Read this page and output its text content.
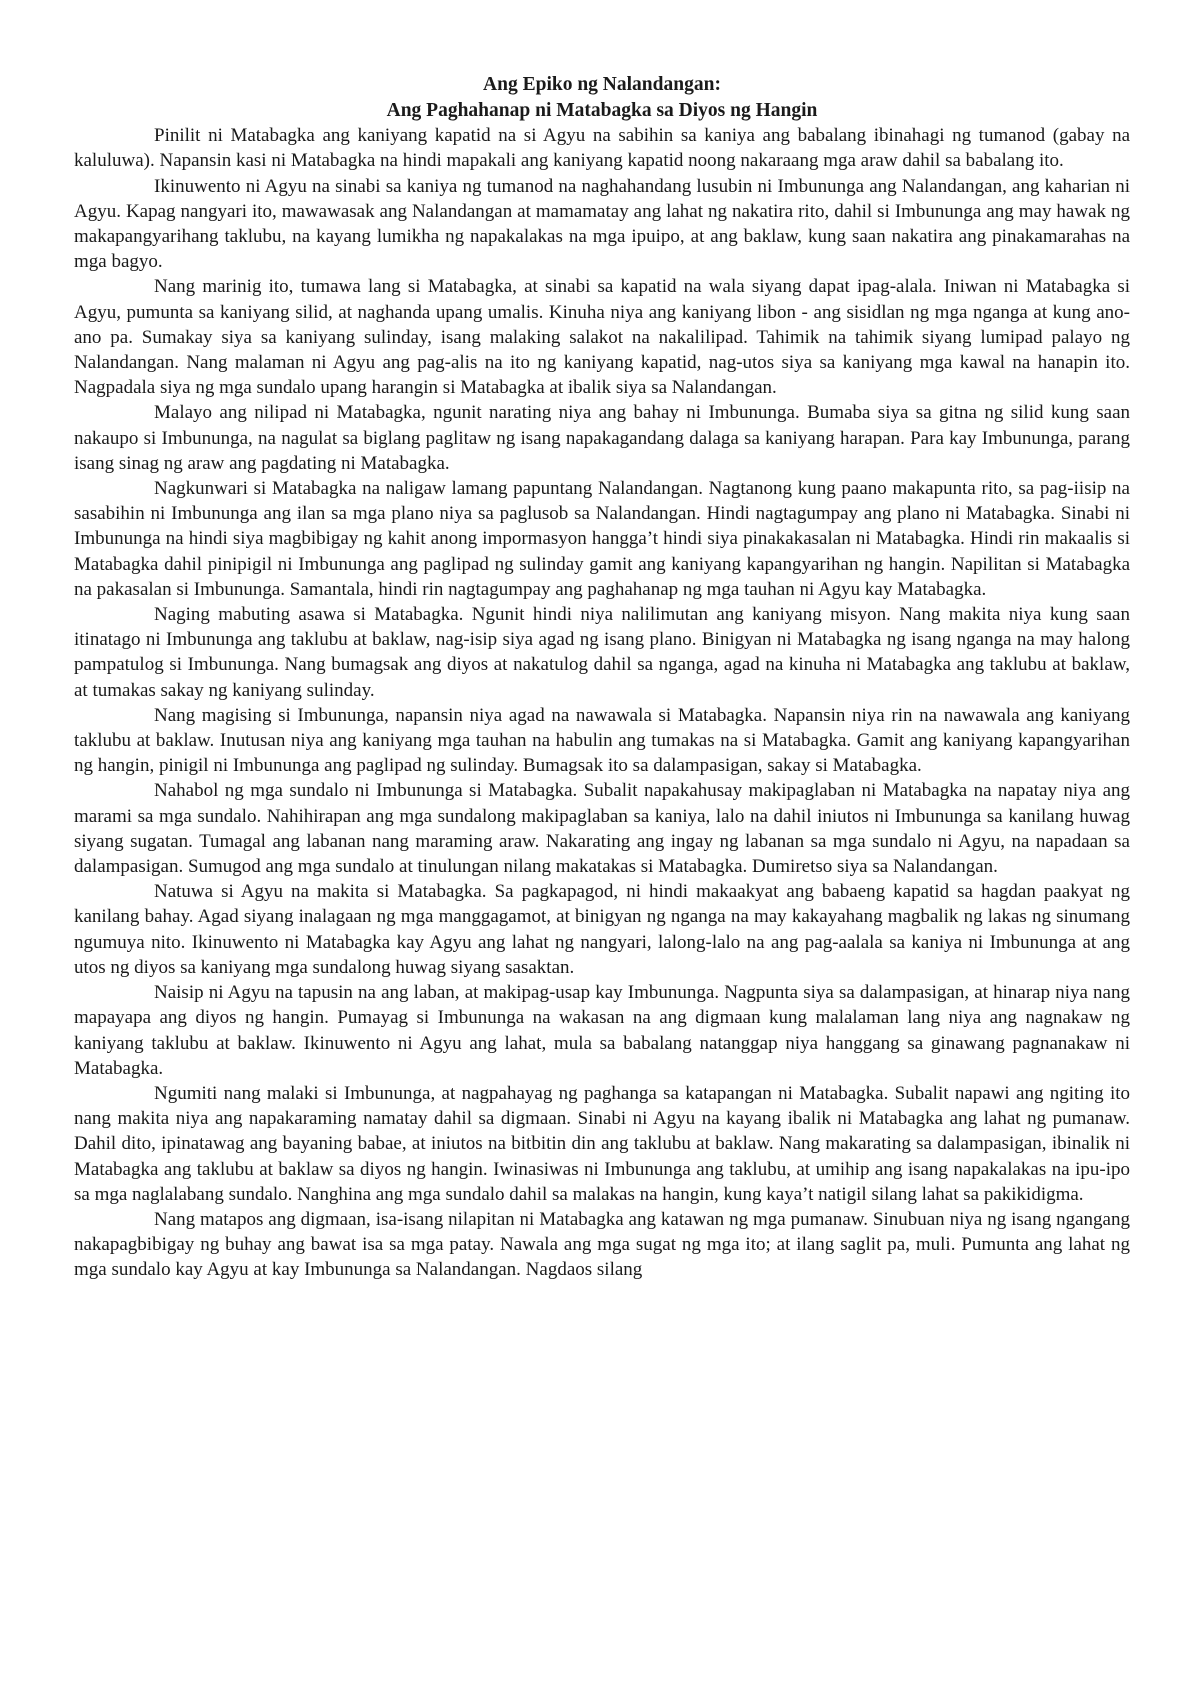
Ang Epiko ng Nalandangan:

Ang Paghahanap ni Matabagka sa Diyos ng Hangin

Pinilit ni Matabagka ang kaniyang kapatid na si Agyu na sabihin sa kaniya ang babalang ibinahagi ng tumanod (gabay na kaluluwa). Napansin kasi ni Matabagka na hindi mapakali ang kaniyang kapatid noong nakaraang mga araw dahil sa babalang ito.

Ikinuwento ni Agyu na sinabi sa kaniya ng tumanod na naghahandang lusubin ni Imbununga ang Nalandangan, ang kaharian ni Agyu. Kapag nangyari ito, mawawasak ang Nalandangan at mamamatay ang lahat ng nakatira rito, dahil si Imbununga ang may hawak ng makapangyarihang taklubu, na kayang lumikha ng napakalakas na mga ipuipo, at ang baklaw, kung saan nakatira ang pinakamarahas na mga bagyo.

Nang marinig ito, tumawa lang si Matabagka, at sinabi sa kapatid na wala siyang dapat ipag-alala. Iniwan ni Matabagka si Agyu, pumunta sa kaniyang silid, at naghanda upang umalis. Kinuha niya ang kaniyang libon - ang sisidlan ng mga nganga at kung ano-ano pa. Sumakay siya sa kaniyang sulinday, isang malaking salakot na nakalilipad. Tahimik na tahimik siyang lumipad palayo ng Nalandangan. Nang malaman ni Agyu ang pag-alis na ito ng kaniyang kapatid, nag-utos siya sa kaniyang mga kawal na hanapin ito. Nagpadala siya ng mga sundalo upang harangin si Matabagka at ibalik siya sa Nalandangan.

Malayo ang nilipad ni Matabagka, ngunit narating niya ang bahay ni Imbununga. Bumaba siya sa gitna ng silid kung saan nakaupo si Imbununga, na nagulat sa biglang paglitaw ng isang napakagandang dalaga sa kaniyang harapan. Para kay Imbununga, parang isang sinag ng araw ang pagdating ni Matabagka.

Nagkunwari si Matabagka na naligaw lamang papuntang Nalandangan. Nagtanong kung paano makapunta rito, sa pag-iisip na sasabihin ni Imbununga ang ilan sa mga plano niya sa paglusob sa Nalandangan. Hindi nagtagumpay ang plano ni Matabagka. Sinabi ni Imbununga na hindi siya magbibigay ng kahit anong impormasyon hangga’t hindi siya pinakakasalan ni Matabagka. Hindi rin makaalis si Matabagka dahil pinipigil ni Imbununga ang paglipad ng sulinday gamit ang kaniyang kapangyarihan ng hangin. Napilitan si Matabagka na pakasalan si Imbununga. Samantala, hindi rin nagtagumpay ang paghahanap ng mga tauhan ni Agyu kay Matabagka.

Naging mabuting asawa si Matabagka. Ngunit hindi niya nalilimutan ang kaniyang misyon. Nang makita niya kung saan itinatago ni Imbununga ang taklubu at baklaw, nag-isip siya agad ng isang plano. Binigyan ni Matabagka ng isang nganga na may halong pampatulog si Imbununga. Nang bumagsak ang diyos at nakatulog dahil sa nganga, agad na kinuha ni Matabagka ang taklubu at baklaw, at tumakas sakay ng kaniyang sulinday.

Nang magising si Imbununga, napansin niya agad na nawawala si Matabagka. Napansin niya rin na nawawala ang kaniyang taklubu at baklaw. Inutusan niya ang kaniyang mga tauhan na habulin ang tumakas na si Matabagka. Gamit ang kaniyang kapangyarihan ng hangin, pinigil ni Imbununga ang paglipad ng sulinday. Bumagsak ito sa dalampasigan, sakay si Matabagka.

Nahabol ng mga sundalo ni Imbununga si Matabagka. Subalit napakahusay makipaglaban ni Matabagka na napatay niya ang marami sa mga sundalo. Nahihirapan ang mga sundalong makipaglaban sa kaniya, lalo na dahil iniutos ni Imbununga sa kanilang huwag siyang sugatan. Tumagal ang labanan nang maraming araw. Nakarating ang ingay ng labanan sa mga sundalo ni Agyu, na napadaan sa dalampasigan. Sumugod ang mga sundalo at tinulungan nilang makatakas si Matabagka. Dumiretso siya sa Nalandangan.

Natuwa si Agyu na makita si Matabagka. Sa pagkapagod, ni hindi makaakyat ang babaeng kapatid sa hagdan paakyat ng kanilang bahay. Agad siyang inalagaan ng mga manggagamot, at binigyan ng nganga na may kakayahang magbalik ng lakas ng sinumang ngumuya nito. Ikinuwento ni Matabagka kay Agyu ang lahat ng nangyari, lalong-lalo na ang pag-aalala sa kaniya ni Imbununga at ang utos ng diyos sa kaniyang mga sundalong huwag siyang sasaktan.

Naisip ni Agyu na tapusin na ang laban, at makipag-usap kay Imbununga. Nagpunta siya sa dalampasigan, at hinarap niya nang mapayapa ang diyos ng hangin. Pumayag si Imbununga na wakasan na ang digmaan kung malalaman lang niya ang nagnakaw ng kaniyang taklubu at baklaw. Ikinuwento ni Agyu ang lahat, mula sa babalang natanggap niya hanggang sa ginawang pagnanakaw ni Matabagka.

Ngumiti nang malaki si Imbununga, at nagpahayag ng paghanga sa katapangan ni Matabagka. Subalit napawi ang ngiting ito nang makita niya ang napakaraming namatay dahil sa digmaan. Sinabi ni Agyu na kayang ibalik ni Matabagka ang lahat ng pumanaw. Dahil dito, ipinatawag ang bayaning babae, at iniutos na bitbitin din ang taklubu at baklaw. Nang makarating sa dalampasigan, ibinalik ni Matabagka ang taklubu at baklaw sa diyos ng hangin. Iwinasiwas ni Imbununga ang taklubu, at umihip ang isang napakalakas na ipu-ipo sa mga naglalabang sundalo. Nanghina ang mga sundalo dahil sa malakas na hangin, kung kaya’t natigil silang lahat sa pakikidigma.

Nang matapos ang digmaan, isa-isang nilapitan ni Matabagka ang katawan ng mga pumanaw. Sinubuan niya ng isang ngangang nakapagbibigay ng buhay ang bawat isa sa mga patay. Nawala ang mga sugat ng mga ito; at ilang saglit pa, muli. Pumunta ang lahat ng mga sundalo kay Agyu at kay Imbununga sa Nalandangan. Nagdaos silang
